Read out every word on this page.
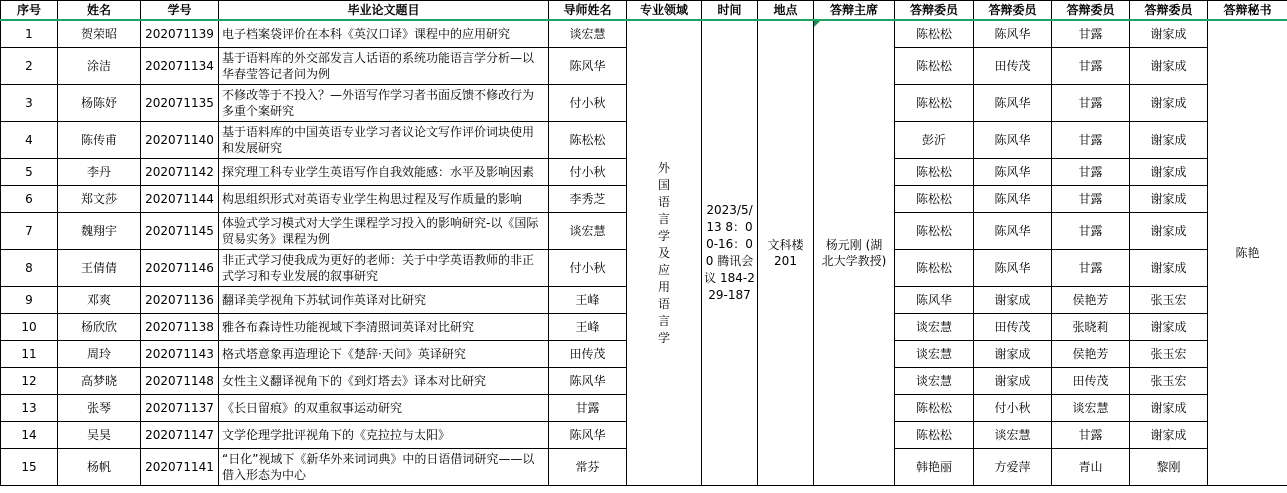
序号	姓名	学号	毕业论文题目	导师姓名	专业领域	时间	地点	答辩主席	答辩委员	答辩委员	答辩委员	答辩委员	答辩秘书
1	贺荣昭	202071139	电子档案袋评价在本科《英汉口译》课程中的应用研究	谈宏慧	外国语言学及应用语言学	2023/5/13 8：00-16：00 腾讯会议 184-229-187	文科楼201	杨元刚 (湖北大学教授)	陈松松	陈风华	甘露	谢家成	陈艳
2	涂洁	202071134	基于语料库的外交部发言人话语的系统功能语言学分析—以华春莹答记者问为例	陈风华					陈松松	田传茂	甘露	谢家成	
3	杨陈妤	202071135	不修改等于不投入？—外语写作学习者书面反馈不修改行为多重个案研究	付小秋					陈松松	陈风华	甘露	谢家成	
4	陈传甫	202071140	基于语料库的中国英语专业学习者议论文写作评价词块使用和发展研究	陈松松					彭沂	陈风华	甘露	谢家成	
5	李丹	202071142	探究理工科专业学生英语写作自我效能感：水平及影响因素	付小秋					陈松松	陈风华	甘露	谢家成	
6	郑文莎	202071144	构思组织形式对英语专业学生构思过程及写作质量的影响	李秀芝					陈松松	陈风华	甘露	谢家成	
7	魏翔宇	202071145	体验式学习模式对大学生课程学习投入的影响研究-以《国际贸易实务》课程为例	谈宏慧					陈松松	陈风华	甘露	谢家成	
8	王倩倩	202071146	非正式学习使我成为更好的老师：关于中学英语教师的非正式学习和专业发展的叙事研究	付小秋					陈松松	陈风华	甘露	谢家成	
9	邓爽	202071136	翻译美学视角下苏轼词作英译对比研究	王峰					陈风华	谢家成	侯艳芳	张玉宏	
10	杨欣欣	202071138	雅各布森诗性功能视域下李清照词英译对比研究	王峰					谈宏慧	田传茂	张晓莉	谢家成	
11	周玲	202071143	格式塔意象再造理论下《楚辞·天问》英译研究	田传茂					谈宏慧	谢家成	侯艳芳	张玉宏	
12	高梦晓	202071148	女性主义翻译视角下的《到灯塔去》译本对比研究	陈风华					谈宏慧	谢家成	田传茂	张玉宏	
13	张琴	202071137	《长日留痕》的双重叙事运动研究	甘露					陈松松	付小秋	谈宏慧	谢家成	
14	吴昊	202071147	文学伦理学批评视角下的《克拉拉与太阳》	陈风华					陈松松	谈宏慧	甘露	谢家成	
15	杨帆	202071141	“日化”视域下《新华外来词词典》中的日语借词研究——以借入形态为中心	常芬					韩艳丽	方爱萍	青山	黎刚	
